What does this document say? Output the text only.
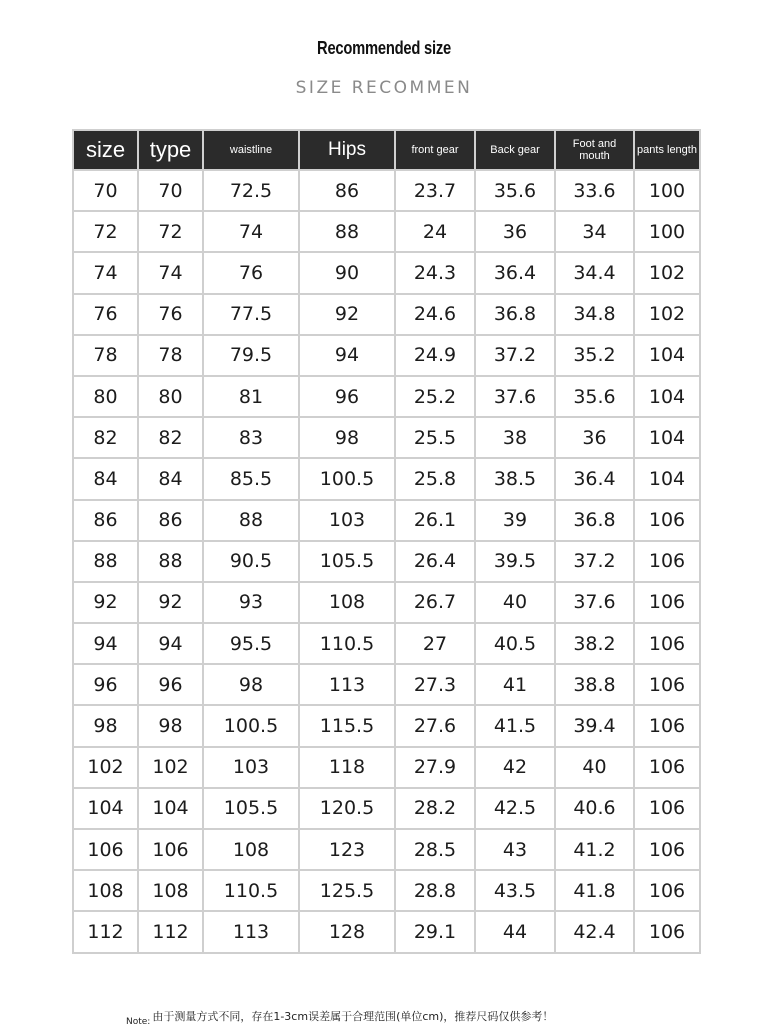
Recommended size
SIZE RECOMMEN
size	type	waistline	Hips	front gear	Back gear	Foot and mouth	pants length
70	70	72.5	86	23.7	35.6	33.6	100
72	72	74	88	24	36	34	100
74	74	76	90	24.3	36.4	34.4	102
76	76	77.5	92	24.6	36.8	34.8	102
78	78	79.5	94	24.9	37.2	35.2	104
80	80	81	96	25.2	37.6	35.6	104
82	82	83	98	25.5	38	36	104
84	84	85.5	100.5	25.8	38.5	36.4	104
86	86	88	103	26.1	39	36.8	106
88	88	90.5	105.5	26.4	39.5	37.2	106
92	92	93	108	26.7	40	37.6	106
94	94	95.5	110.5	27	40.5	38.2	106
96	96	98	113	27.3	41	38.8	106
98	98	100.5	115.5	27.6	41.5	39.4	106
102	102	103	118	27.9	42	40	106
104	104	105.5	120.5	28.2	42.5	40.6	106
106	106	108	123	28.5	43	41.2	106
108	108	110.5	125.5	28.8	43.5	41.8	106
112	112	113	128	29.1	44	42.4	106
$_{Note:}$ 由于测量方式不同，存在1-3cm误差属于合理范围(单位cm)，推荐尺码仅供参考！
